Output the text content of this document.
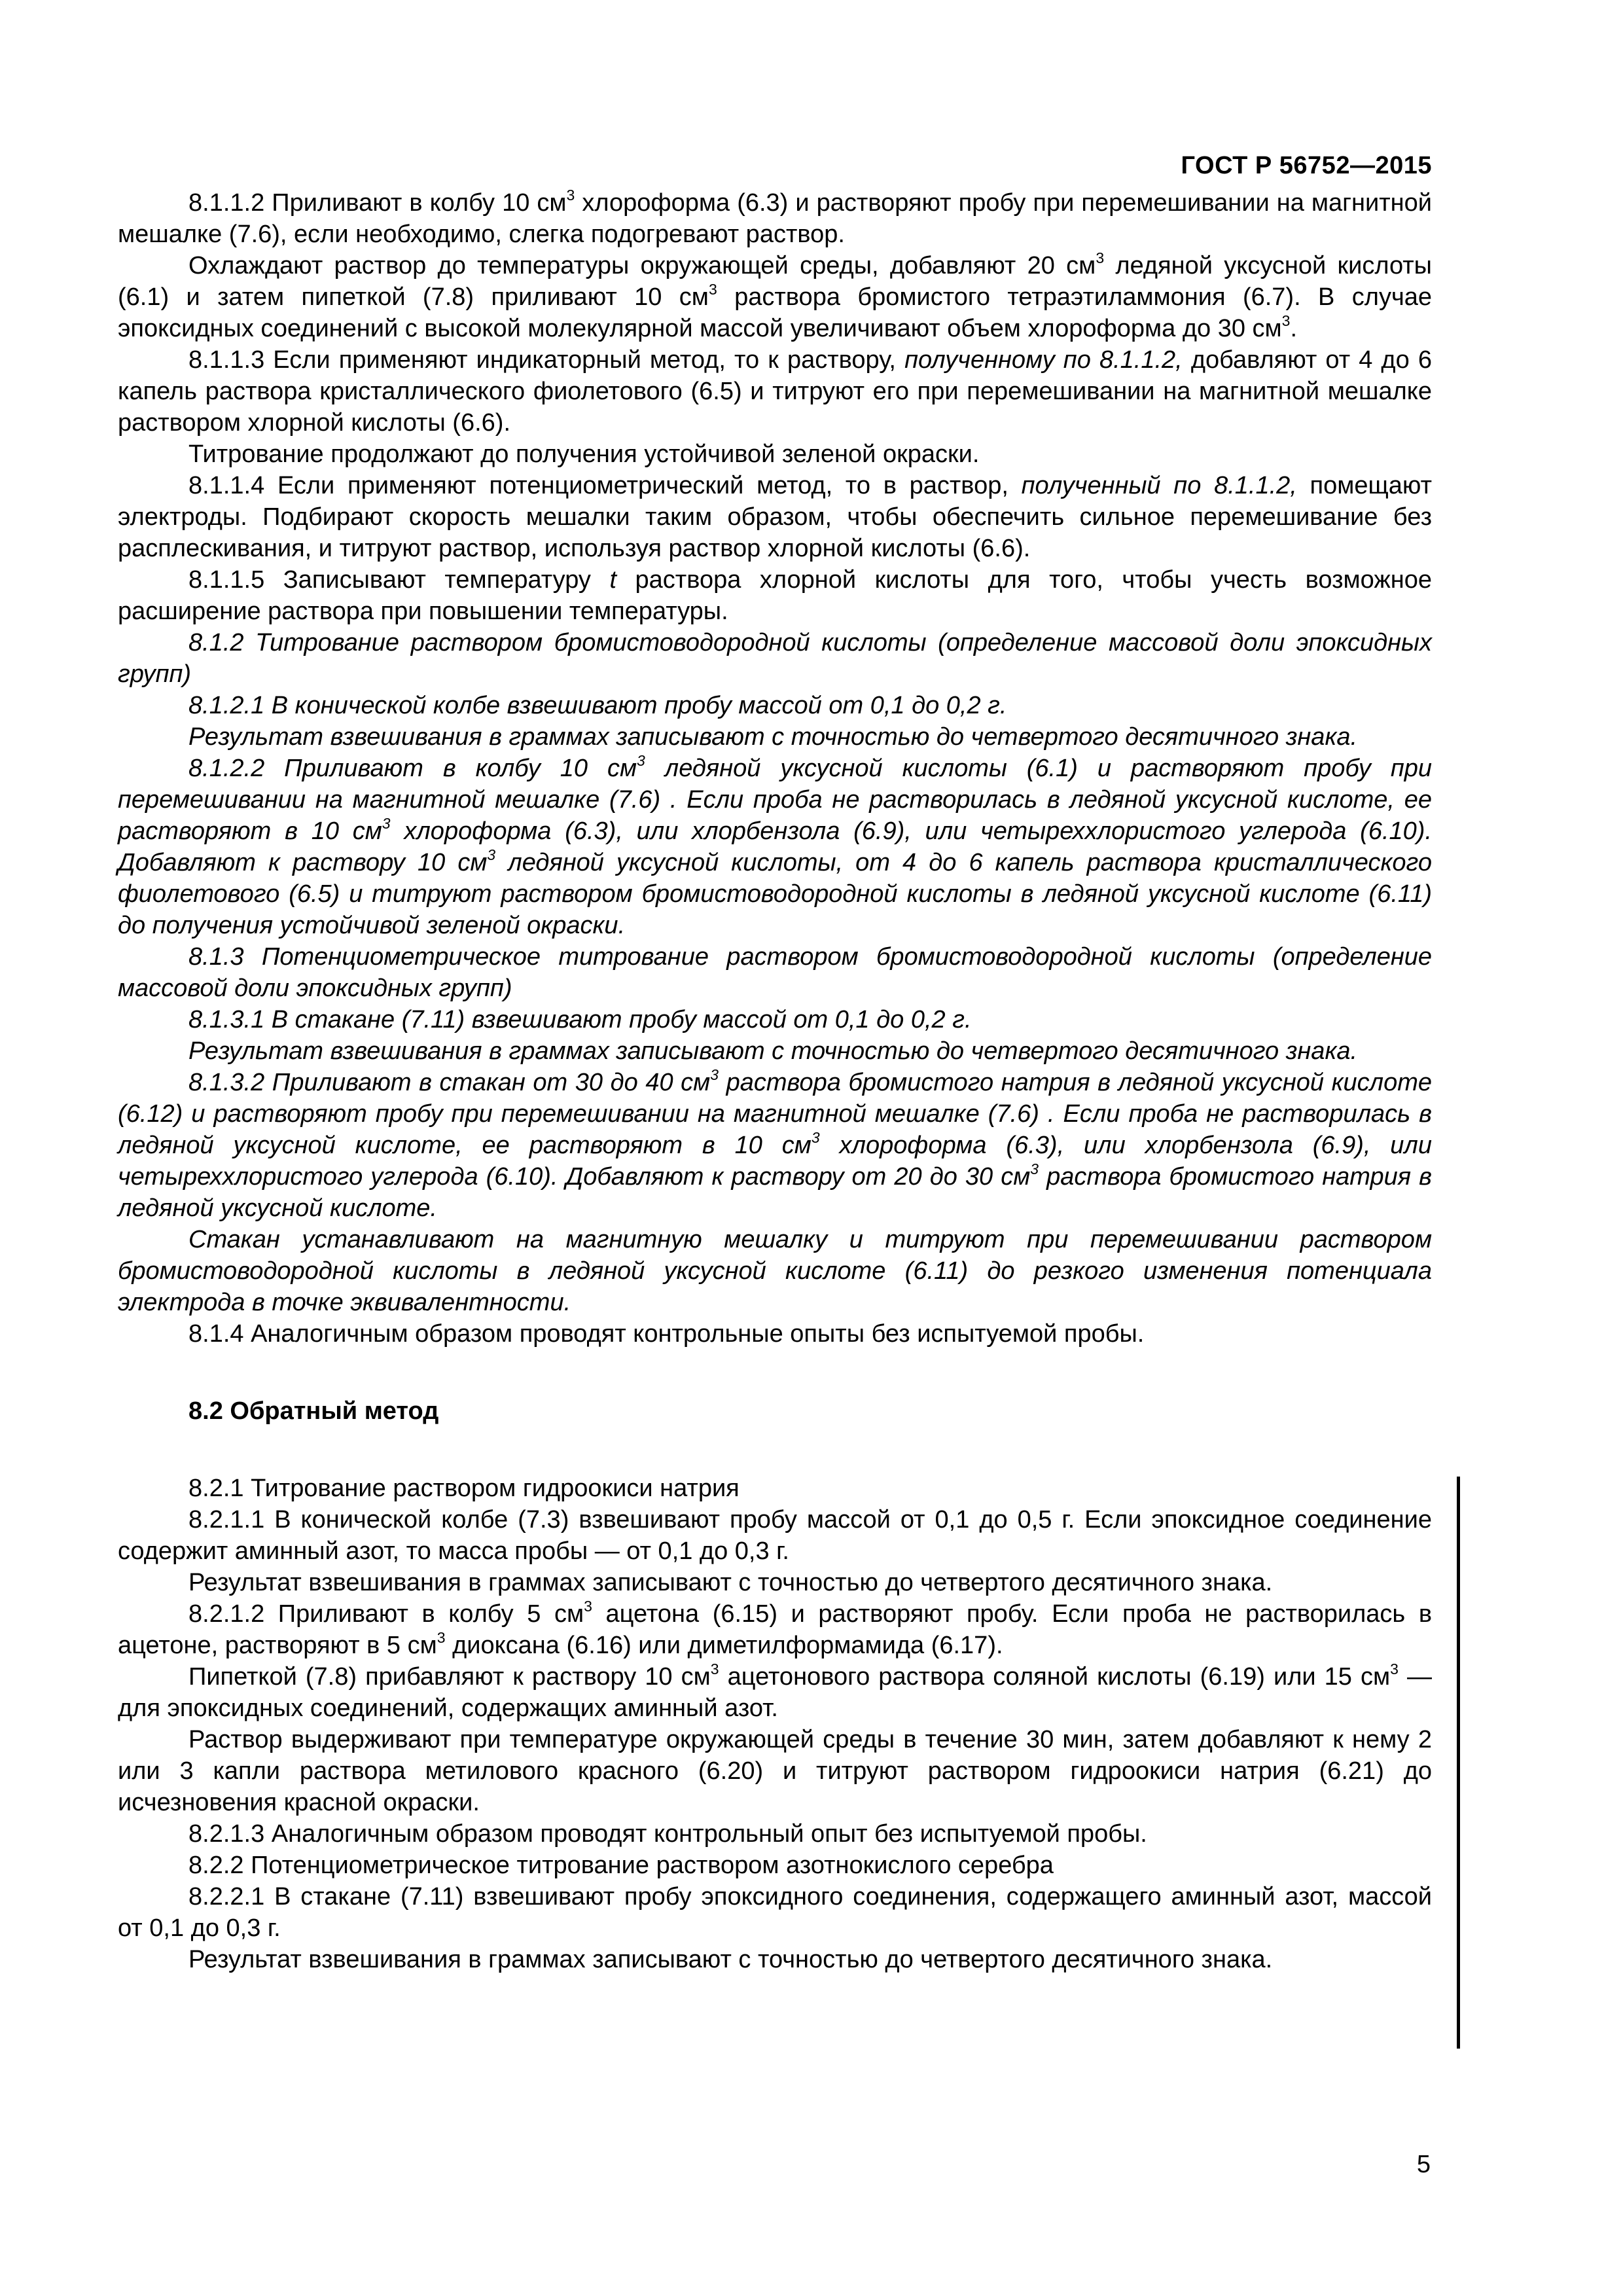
ГОСТ Р 56752—2015

8.1.1.2 Приливают в колбу 10 $см^3$ хлороформа (6.3) и растворяют пробу при перемешивании на магнитной мешалке (7.6), если необходимо, слегка подогревают раствор.

Охлаждают раствор до температуры окружающей среды, добавляют 20 $см^3$ ледяной уксусной кислоты (6.1) и затем пипеткой (7.8) приливают 10 $см^3$ раствора бромистого тетраэтиламмония (6.7). В случае эпоксидных соединений с высокой молекулярной массой увеличивают объем хлороформа до 30 $см^3$.

8.1.1.3 Если применяют индикаторный метод, то к раствору, полученному по 8.1.1.2, добавляют от 4 до 6 капель раствора кристаллического фиолетового (6.5) и титруют его при перемешивании на магнитной мешалке раствором хлорной кислоты (6.6).

Титрование продолжают до получения устойчивой зеленой окраски.

8.1.1.4 Если применяют потенциометрический метод, то в раствор, полученный по 8.1.1.2, помещают электроды. Подбирают скорость мешалки таким образом, чтобы обеспечить сильное перемешивание без расплескивания, и титруют раствор, используя раствор хлорной кислоты (6.6).

8.1.1.5 Записывают температуру t раствора хлорной кислоты для того, чтобы учесть возможное расширение раствора при повышении температуры.

8.1.2 Титрование раствором бромистоводородной кислоты (определение массовой доли эпоксидных групп)

8.1.2.1 В конической колбе взвешивают пробу массой от 0,1 до 0,2 г.

Результат взвешивания в граммах записывают с точностью до четвертого десятичного знака.

8.1.2.2 Приливают в колбу 10 $см^3$ ледяной уксусной кислоты (6.1) и растворяют пробу при перемешивании на магнитной мешалке (7.6) . Если проба не растворилась в ледяной уксусной кислоте, ее растворяют в 10 $см^3$ хлороформа (6.3), или хлорбензола (6.9), или четыреххлористого углерода (6.10). Добавляют к раствору 10 $см^3$ ледяной уксусной кислоты, от 4 до 6 капель раствора кристаллического фиолетового (6.5) и титруют раствором бромистоводородной кислоты в ледяной уксусной кислоте (6.11) до получения устойчивой зеленой окраски.

8.1.3 Потенциометрическое титрование раствором бромистоводородной кислоты (определение массовой доли эпоксидных групп)

8.1.3.1 В стакане (7.11) взвешивают пробу массой от 0,1 до 0,2 г.

Результат взвешивания в граммах записывают с точностью до четвертого десятичного знака.

8.1.3.2 Приливают в стакан от 30 до 40 $см^3$ раствора бромистого натрия в ледяной уксусной кислоте (6.12) и растворяют пробу при перемешивании на магнитной мешалке (7.6) . Если проба не растворилась в ледяной уксусной кислоте, ее растворяют в 10 $см^3$ хлороформа (6.3), или хлорбензола (6.9), или четыреххлористого углерода (6.10). Добавляют к раствору от 20 до 30 $см^3$ раствора бромистого натрия в ледяной уксусной кислоте.

Стакан устанавливают на магнитную мешалку и титруют при перемешивании раствором бромистоводородной кислоты в ледяной уксусной кислоте (6.11) до резкого изменения потенциала электрода в точке эквивалентности.

8.1.4 Аналогичным образом проводят контрольные опыты без испытуемой пробы.

8.2 Обратный метод

8.2.1 Титрование раствором гидроокиси натрия

8.2.1.1 В конической колбе (7.3) взвешивают пробу массой от 0,1 до 0,5 г. Если эпоксидное соединение содержит аминный азот, то масса пробы — от 0,1 до 0,3 г.

Результат взвешивания в граммах записывают с точностью до четвертого десятичного знака.

8.2.1.2 Приливают в колбу 5 $см^3$ ацетона (6.15) и растворяют пробу. Если проба не растворилась в ацетоне, растворяют в 5 $см^3$ диоксана (6.16) или диметилформамида (6.17).

Пипеткой (7.8) прибавляют к раствору 10 $см^3$ ацетонового раствора соляной кислоты (6.19) или 15 $см^3$ — для эпоксидных соединений, содержащих аминный азот.

Раствор выдерживают при температуре окружающей среды в течение 30 мин, затем добавляют к нему 2 или 3 капли раствора метилового красного (6.20) и титруют раствором гидроокиси натрия (6.21) до исчезновения красной окраски.

8.2.1.3 Аналогичным образом проводят контрольный опыт без испытуемой пробы.

8.2.2 Потенциометрическое титрование раствором азотнокислого серебра

8.2.2.1 В стакане (7.11) взвешивают пробу эпоксидного соединения, содержащего аминный азот, массой от 0,1 до 0,3 г.

Результат взвешивания в граммах записывают с точностью до четвертого десятичного знака.

5
